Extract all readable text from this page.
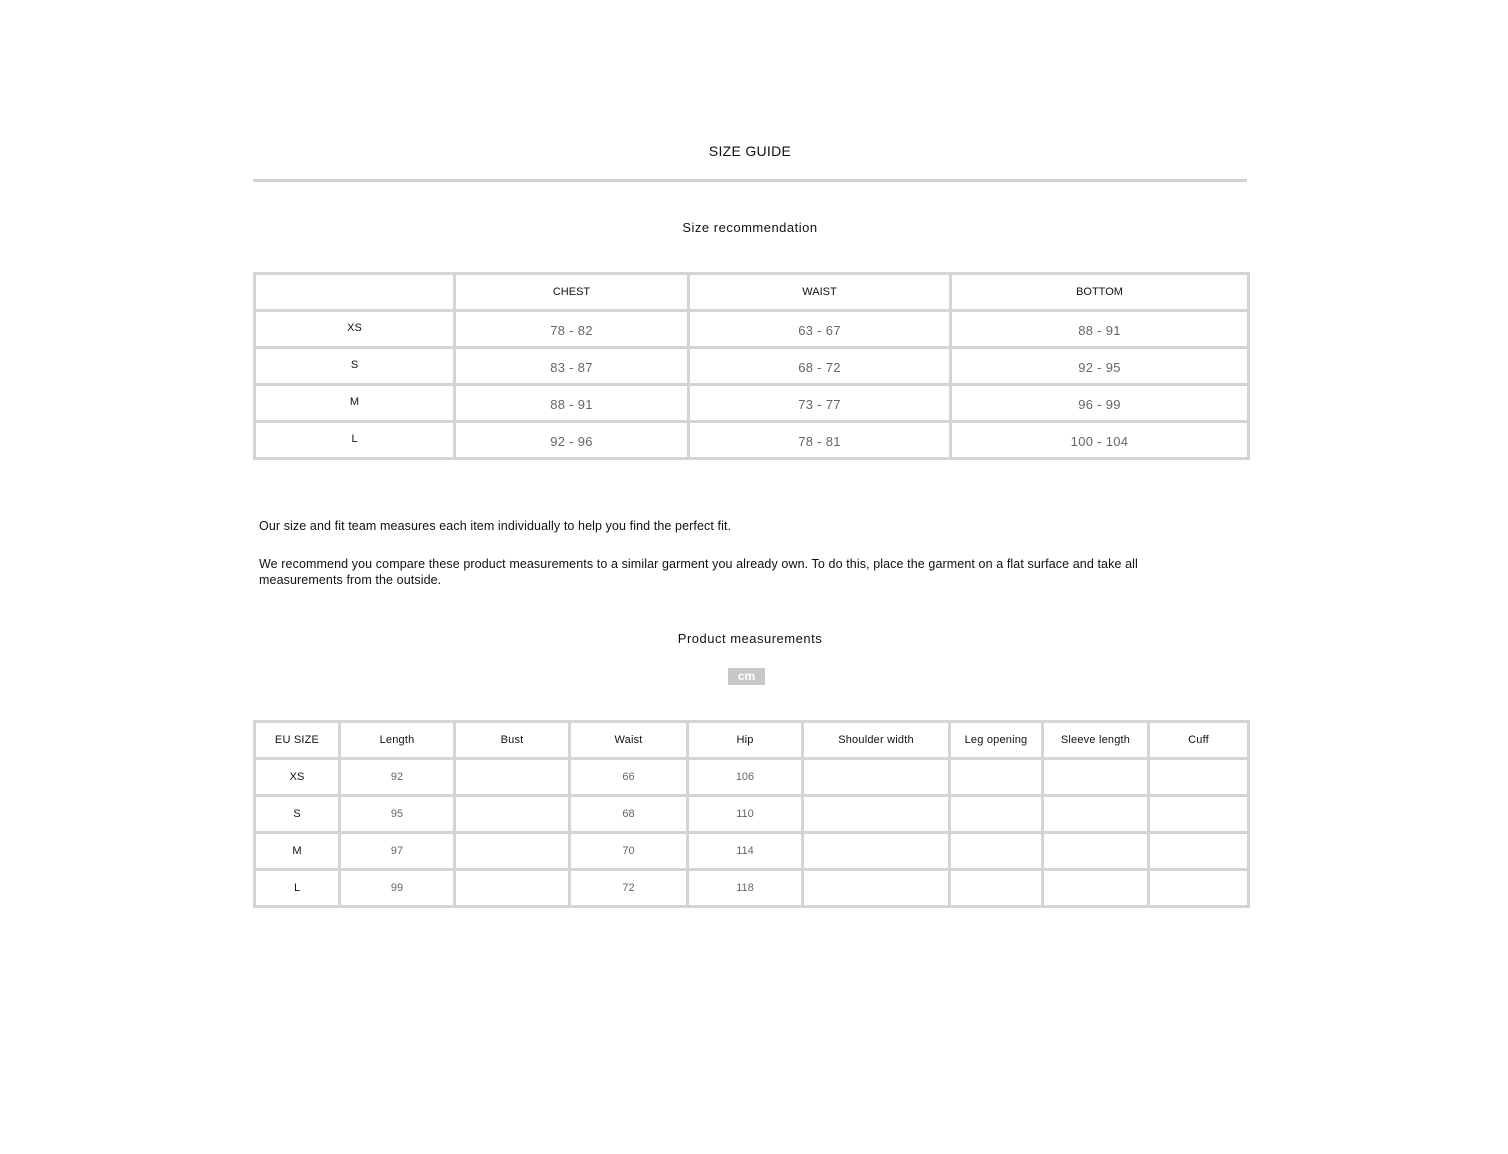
SIZE GUIDE
Size recommendation
	CHEST	WAIST	BOTTOM
XS	78 - 82	63 - 67	88 - 91
S	83 - 87	68 - 72	92 - 95
M	88 - 91	73 - 77	96 - 99
L	92 - 96	78 - 81	100 - 104
Our size and fit team measures each item individually to help you find the perfect fit.
We recommend you compare these product measurements to a similar garment you already own. To do this, place the garment on a flat surface and take all measurements from the outside.
Product measurements
cm
EU SIZE	Length	Bust	Waist	Hip	Shoulder width	Leg opening	Sleeve length	Cuff
XS	92		66	106				
S	95		68	110				
M	97		70	114				
L	99		72	118				
